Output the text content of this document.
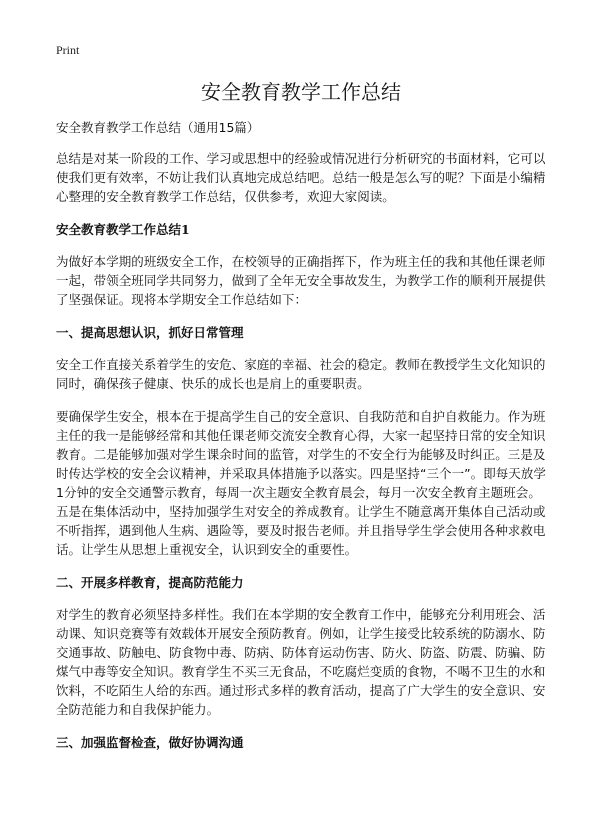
Print
安全教育教学工作总结

安全教育教学工作总结（通用15篇）

总结是对某一阶段的工作、学习或思想中的经验或情况进行分析研究的书面材料，它可以使我们更有效率，不妨让我们认真地完成总结吧。总结一般是怎么写的呢？下面是小编精心整理的安全教育教学工作总结，仅供参考，欢迎大家阅读。

安全教育教学工作总结1

为做好本学期的班级安全工作，在校领导的正确指挥下，作为班主任的我和其他任课老师一起，带领全班同学共同努力，做到了全年无安全事故发生，为教学工作的顺利开展提供了坚强保证。现将本学期安全工作总结如下：

一、提高思想认识，抓好日常管理

安全工作直接关系着学生的安危、家庭的幸福、社会的稳定。教师在教授学生文化知识的同时，确保孩子健康、快乐的成长也是肩上的重要职责。

要确保学生安全，根本在于提高学生自己的安全意识、自我防范和自护自救能力。作为班主任的我一是能够经常和其他任课老师交流安全教育心得，大家一起坚持日常的安全知识教育。二是能够加强对学生课余时间的监管，对学生的不安全行为能够及时纠正。三是及时传达学校的安全会议精神，并采取具体措施予以落实。四是坚持“三个一”。即每天放学1分钟的安全交通警示教育，每周一次主题安全教育晨会，每月一次安全教育主题班会。五是在集体活动中，坚持加强学生对安全的养成教育。让学生不随意离开集体自己活动或不听指挥，遇到他人生病、遇险等，要及时报告老师。并且指导学生学会使用各种求救电话。让学生从思想上重视安全，认识到安全的重要性。

二、开展多样教育，提高防范能力

对学生的教育必须坚持多样性。我们在本学期的安全教育工作中，能够充分利用班会、活动课、知识竞赛等有效载体开展安全预防教育。例如，让学生接受比较系统的防溺水、防交通事故、防触电、防食物中毒、防病、防体育运动伤害、防火、防盗、防震、防骗、防煤气中毒等安全知识。教育学生不买三无食品，不吃腐烂变质的食物，不喝不卫生的水和饮料，不吃陌生人给的东西。通过形式多样的教育活动，提高了广大学生的安全意识、安全防范能力和自我保护能力。

三、加强监督检查，做好协调沟通
